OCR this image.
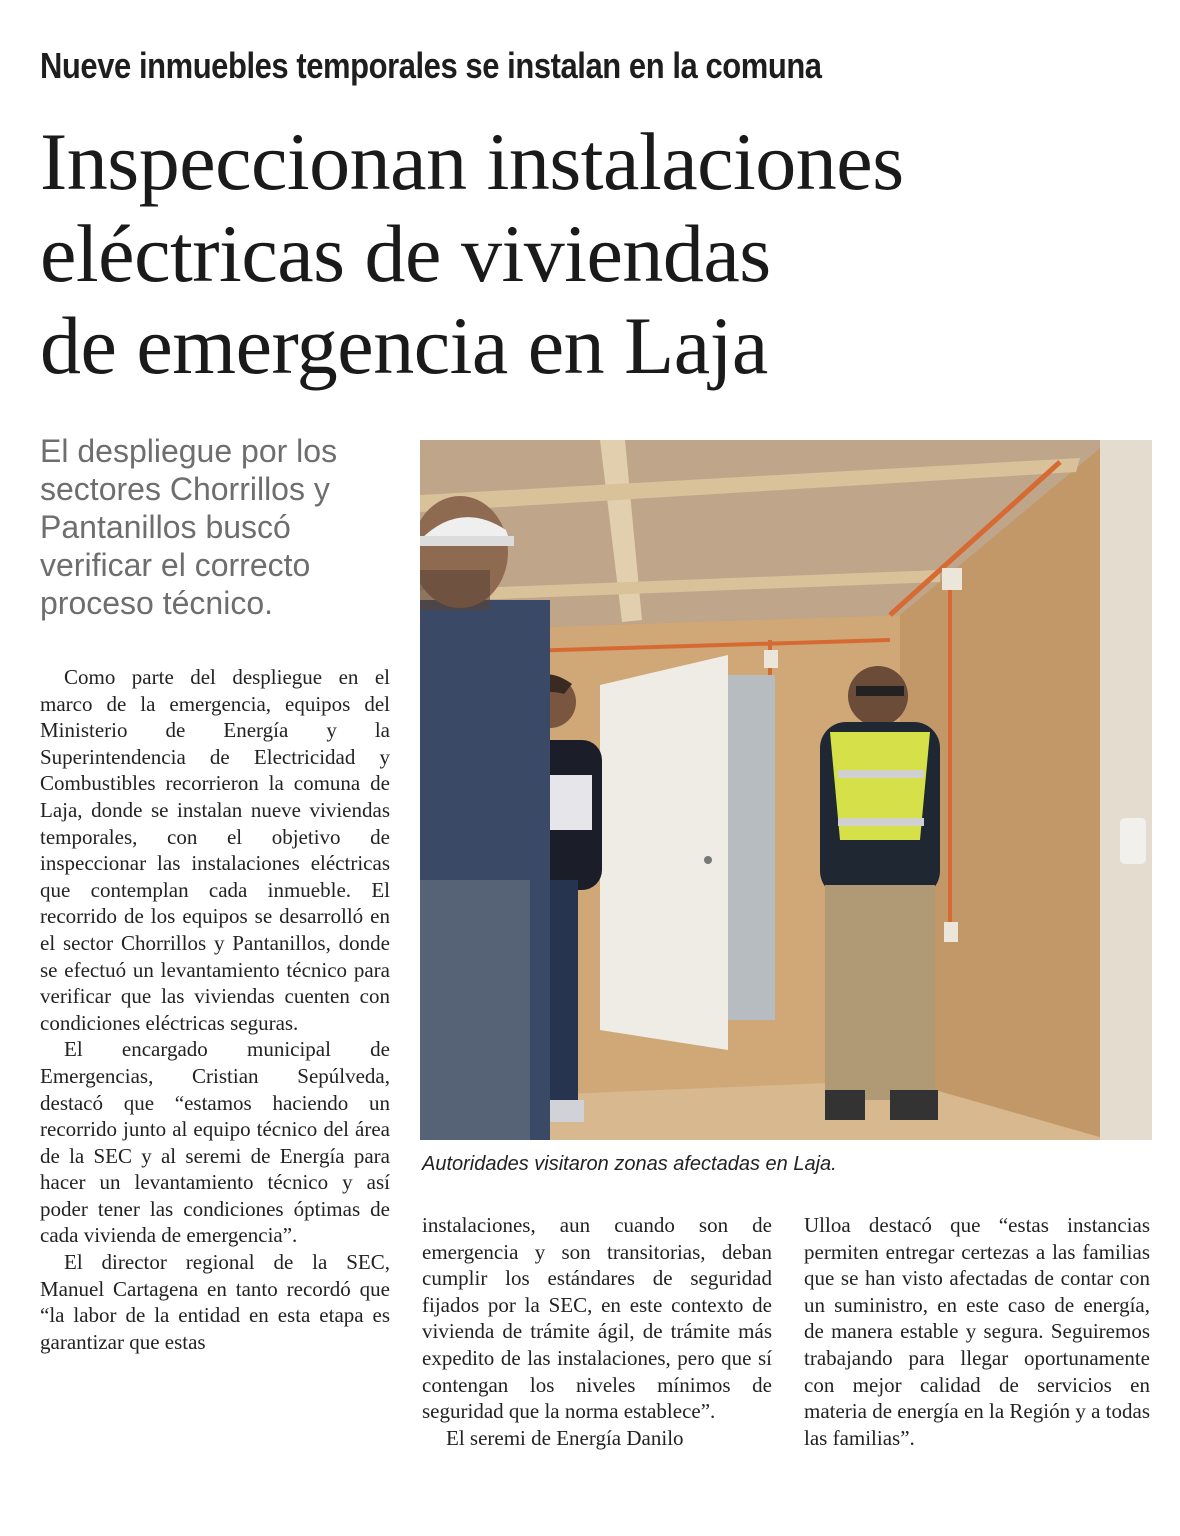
Nueve inmuebles temporales se instalan en la comuna
Inspeccionan instalaciones
eléctricas de viviendas
de emergencia en Laja
El despliegue por los
sectores Chorrillos y
Pantanillos buscó
verificar el correcto
proceso técnico.

Como parte del despliegue en el marco de la emergencia, equipos del Ministerio de Energía y la Superintendencia de Electricidad y Combustibles recorrieron la comuna de Laja, donde se instalan nueve viviendas temporales, con el objetivo de inspeccionar las instalaciones eléctricas que contemplan cada inmueble. El recorrido de los equipos se desarrolló en el sector Chorrillos y Pantanillos, donde se efectuó un levantamiento técnico para verificar que las viviendas cuenten con condiciones eléctricas seguras.

El encargado municipal de Emergencias, Cristian Sepúlveda, destacó que “estamos haciendo un recorrido junto al equipo técnico del área de la SEC y al seremi de Energía para hacer un levantamiento técnico y así poder tener las condiciones óptimas de cada vivienda de emergencia”.

El director regional de la SEC, Manuel Cartagena en tanto recordó que “la labor de la entidad en esta etapa es garantizar que estas

Autoridades visitaron zonas afectadas en Laja.

instalaciones, aun cuando son de emergencia y son transitorias, deban cumplir los estándares de seguridad fijados por la SEC, en este contexto de vivienda de trámite ágil, de trámite más expedito de las instalaciones, pero que sí contengan los niveles mínimos de seguridad que la norma establece”.

El seremi de Energía Danilo

Ulloa destacó que “estas instancias permiten entregar certezas a las familias que se han visto afectadas de contar con un suministro, en este caso de energía, de manera estable y segura. Seguiremos trabajando para llegar oportunamente con mejor calidad de servicios en materia de energía en la Región y a todas las familias”.
